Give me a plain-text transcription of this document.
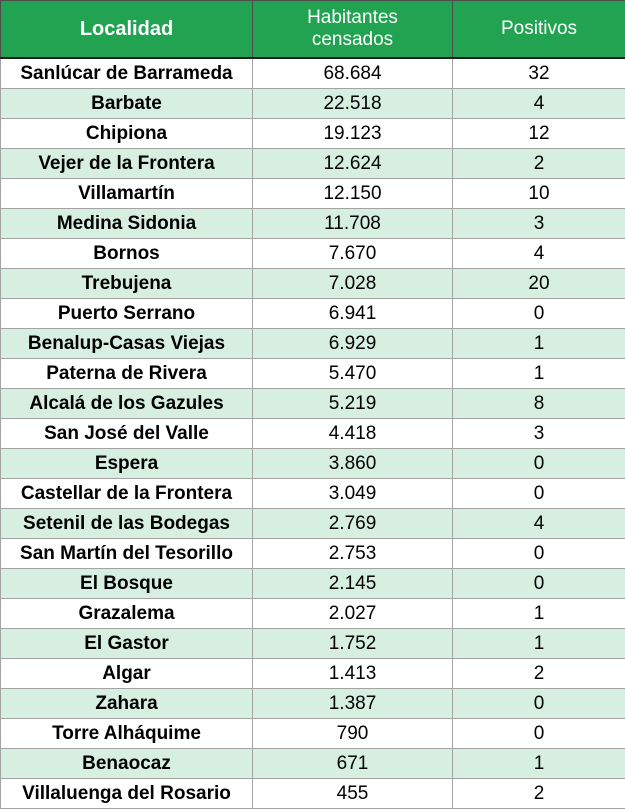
Localidad	Habitantes censados	Positivos
Sanlúcar de Barrameda	68.684	32
Barbate	22.518	4
Chipiona	19.123	12
Vejer de la Frontera	12.624	2
Villamartín	12.150	10
Medina Sidonia	11.708	3
Bornos	7.670	4
Trebujena	7.028	20
Puerto Serrano	6.941	0
Benalup-Casas Viejas	6.929	1
Paterna de Rivera	5.470	1
Alcalá de los Gazules	5.219	8
San José del Valle	4.418	3
Espera	3.860	0
Castellar de la Frontera	3.049	0
Setenil de las Bodegas	2.769	4
San Martín del Tesorillo	2.753	0
El Bosque	2.145	0
Grazalema	2.027	1
El Gastor	1.752	1
Algar	1.413	2
Zahara	1.387	0
Torre Alháquime	790	0
Benaocaz	671	1
Villaluenga del Rosario	455	2
